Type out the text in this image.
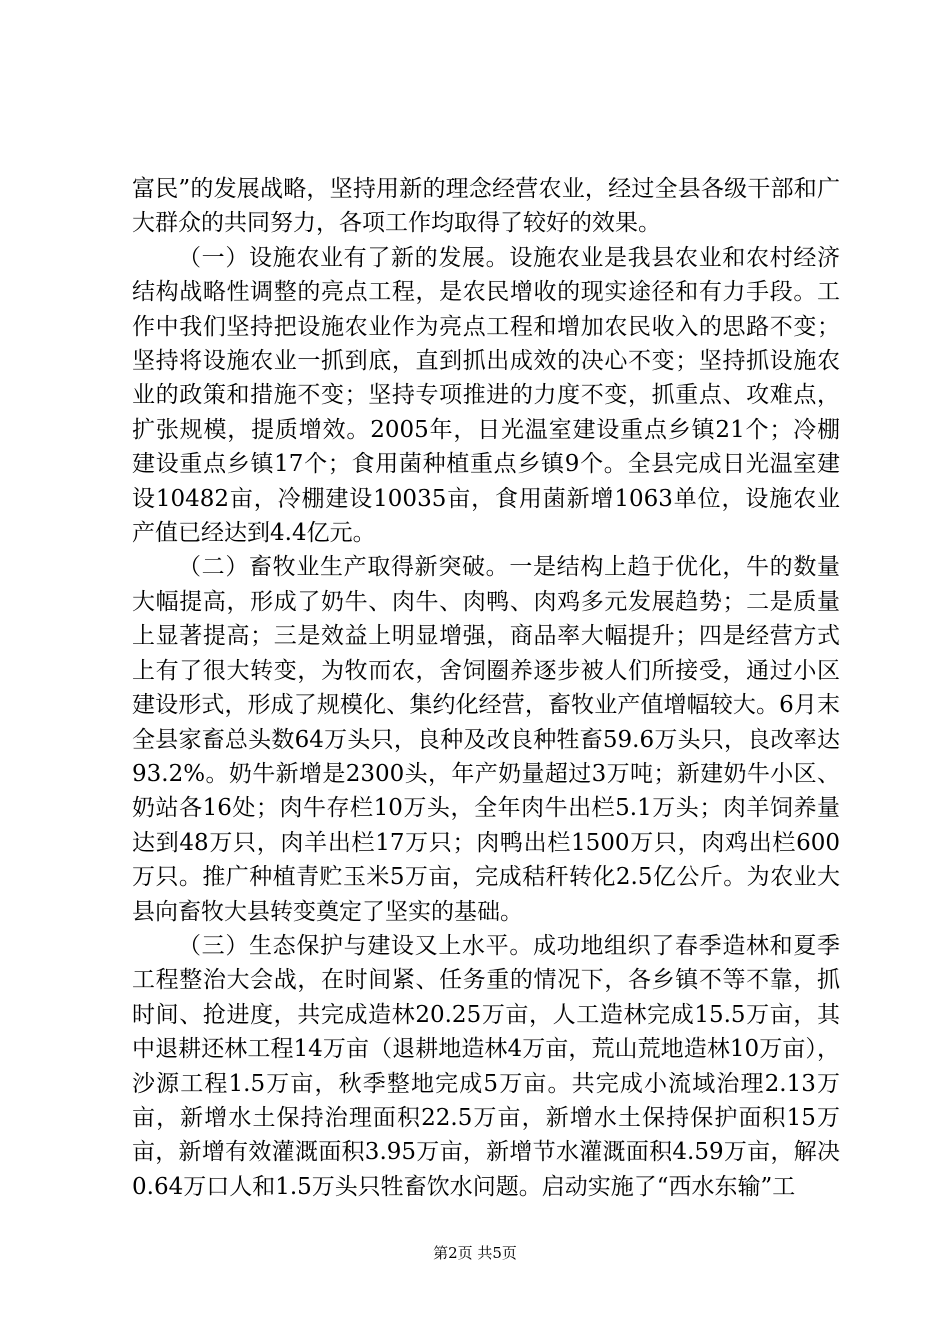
富民”的发展战略，坚持用新的理念经营农业，经过全县各级干部和广大群众的共同努力，各项工作均取得了较好的效果。

（一）设施农业有了新的发展。设施农业是我县农业和农村经济结构战略性调整的亮点工程，是农民增收的现实途径和有力手段。工作中我们坚持把设施农业作为亮点工程和增加农民收入的思路不变；坚持将设施农业一抓到底，直到抓出成效的决心不变；坚持抓设施农业的政策和措施不变；坚持专项推进的力度不变，抓重点、攻难点，扩张规模，提质增效。2005年，日光温室建设重点乡镇21个；冷棚建设重点乡镇17个；食用菌种植重点乡镇9个。全县完成日光温室建设10482亩，冷棚建设10035亩，食用菌新增1063单位，设施农业产值已经达到4.4亿元。

（二）畜牧业生产取得新突破。一是结构上趋于优化，牛的数量大幅提高，形成了奶牛、肉牛、肉鸭、肉鸡多元发展趋势；二是质量上显著提高；三是效益上明显增强，商品率大幅提升；四是经营方式上有了很大转变，为牧而农，舍饲圈养逐步被人们所接受，通过小区建设形式，形成了规模化、集约化经营，畜牧业产值增幅较大。6月末全县家畜总头数64万头只，良种及改良种牲畜59.6万头只，良改率达93.2%。奶牛新增是2300头，年产奶量超过3万吨；新建奶牛小区、奶站各16处；肉牛存栏10万头，全年肉牛出栏5.1万头；肉羊饲养量达到48万只，肉羊出栏17万只；肉鸭出栏1500万只，肉鸡出栏600万只。推广种植青贮玉米5万亩，完成秸秆转化2.5亿公斤。为农业大县向畜牧大县转变奠定了坚实的基础。

（三）生态保护与建设又上水平。成功地组织了春季造林和夏季工程整治大会战，在时间紧、任务重的情况下，各乡镇不等不靠，抓时间、抢进度，共完成造林20.25万亩，人工造林完成15.5万亩，其中退耕还林工程14万亩（退耕地造林4万亩，荒山荒地造林10万亩），沙源工程1.5万亩，秋季整地完成5万亩。共完成小流域治理2.13万亩，新增水土保持治理面积22.5万亩，新增水土保持保护面积15万亩，新增有效灌溉面积3.95万亩，新增节水灌溉面积4.59万亩，解决0.64万口人和1.5万头只牲畜饮水问题。启动实施了“西水东输”工

第2页 共5页
